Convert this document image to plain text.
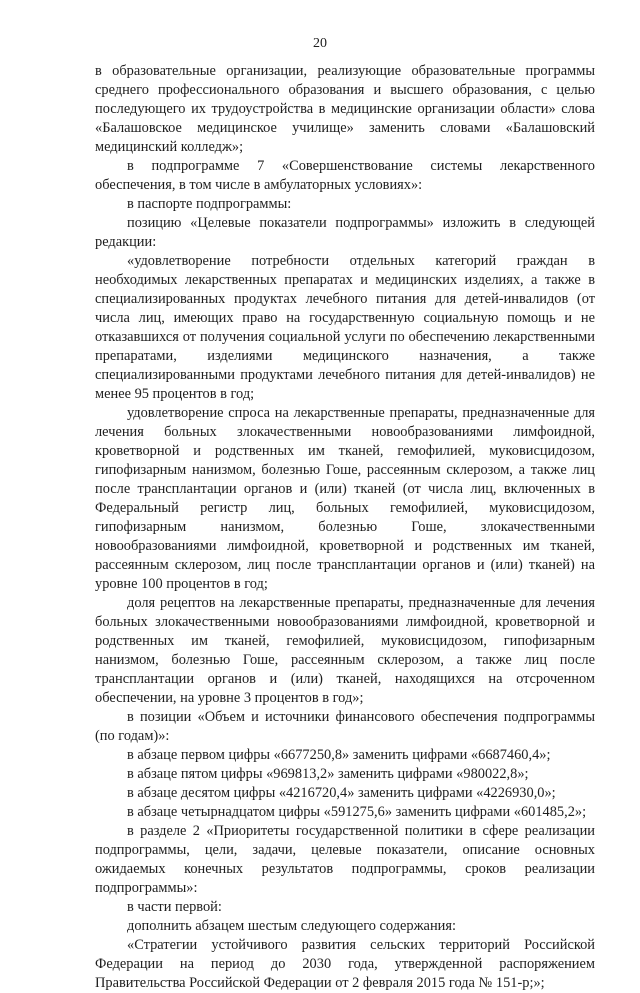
20

в образовательные организации, реализующие образовательные программы среднего профессионального образования и высшего образования, с целью последующего их трудоустройства в медицинские организации области» слова «Балашовское медицинское училище» заменить словами «Балашовский медицинский колледж»;

в подпрограмме 7 «Совершенствование системы лекарственного обеспечения, в том числе в амбулаторных условиях»:

в паспорте подпрограммы:

позицию «Целевые показатели подпрограммы» изложить в следующей редакции:

«удовлетворение потребности отдельных категорий граждан в необходимых лекарственных препаратах и медицинских изделиях, а также в специализированных продуктах лечебного питания для детей-инвалидов (от числа лиц, имеющих право на государственную социальную помощь и не отказавшихся от получения социальной услуги по обеспечению лекарственными препаратами, изделиями медицинского назначения, а также специализированными продуктами лечебного питания для детей-инвалидов) не менее 95 процентов в год;

удовлетворение спроса на лекарственные препараты, предназначенные для лечения больных злокачественными новообразованиями лимфоидной, кроветворной и родственных им тканей, гемофилией, муковисцидозом, гипофизарным нанизмом, болезнью Гоше, рассеянным склерозом, а также лиц после трансплантации органов и (или) тканей (от числа лиц, включенных в Федеральный регистр лиц, больных гемофилией, муковисцидозом, гипофизарным нанизмом, болезнью Гоше, злокачественными новообразованиями лимфоидной, кроветворной и родственных им тканей, рассеянным склерозом, лиц после трансплантации органов и (или) тканей) на уровне 100 процентов в год;

доля рецептов на лекарственные препараты, предназначенные для лечения больных злокачественными новообразованиями лимфоидной, кроветворной и родственных им тканей, гемофилией, муковисцидозом, гипофизарным нанизмом, болезнью Гоше, рассеянным склерозом, а также лиц после трансплантации органов и (или) тканей, находящихся на отсроченном обеспечении, на уровне 3 процентов в год»;

в позиции «Объем и источники финансового обеспечения подпрограммы (по годам)»:

в абзаце первом цифры «6677250,8» заменить цифрами «6687460,4»;

в абзаце пятом цифры «969813,2» заменить цифрами «980022,8»;

в абзаце десятом цифры «4216720,4» заменить цифрами «4226930,0»;

в абзаце четырнадцатом цифры «591275,6» заменить цифрами «601485,2»;

в разделе 2 «Приоритеты государственной политики в сфере реализации подпрограммы, цели, задачи, целевые показатели, описание основных ожидаемых конечных результатов подпрограммы, сроков реализации подпрограммы»:

в части первой:

дополнить абзацем шестым следующего содержания:

«Стратегии устойчивого развития сельских территорий Российской Федерации на период до 2030 года, утвержденной распоряжением Правительства Российской Федерации от 2 февраля 2015 года № 151-р;»;
